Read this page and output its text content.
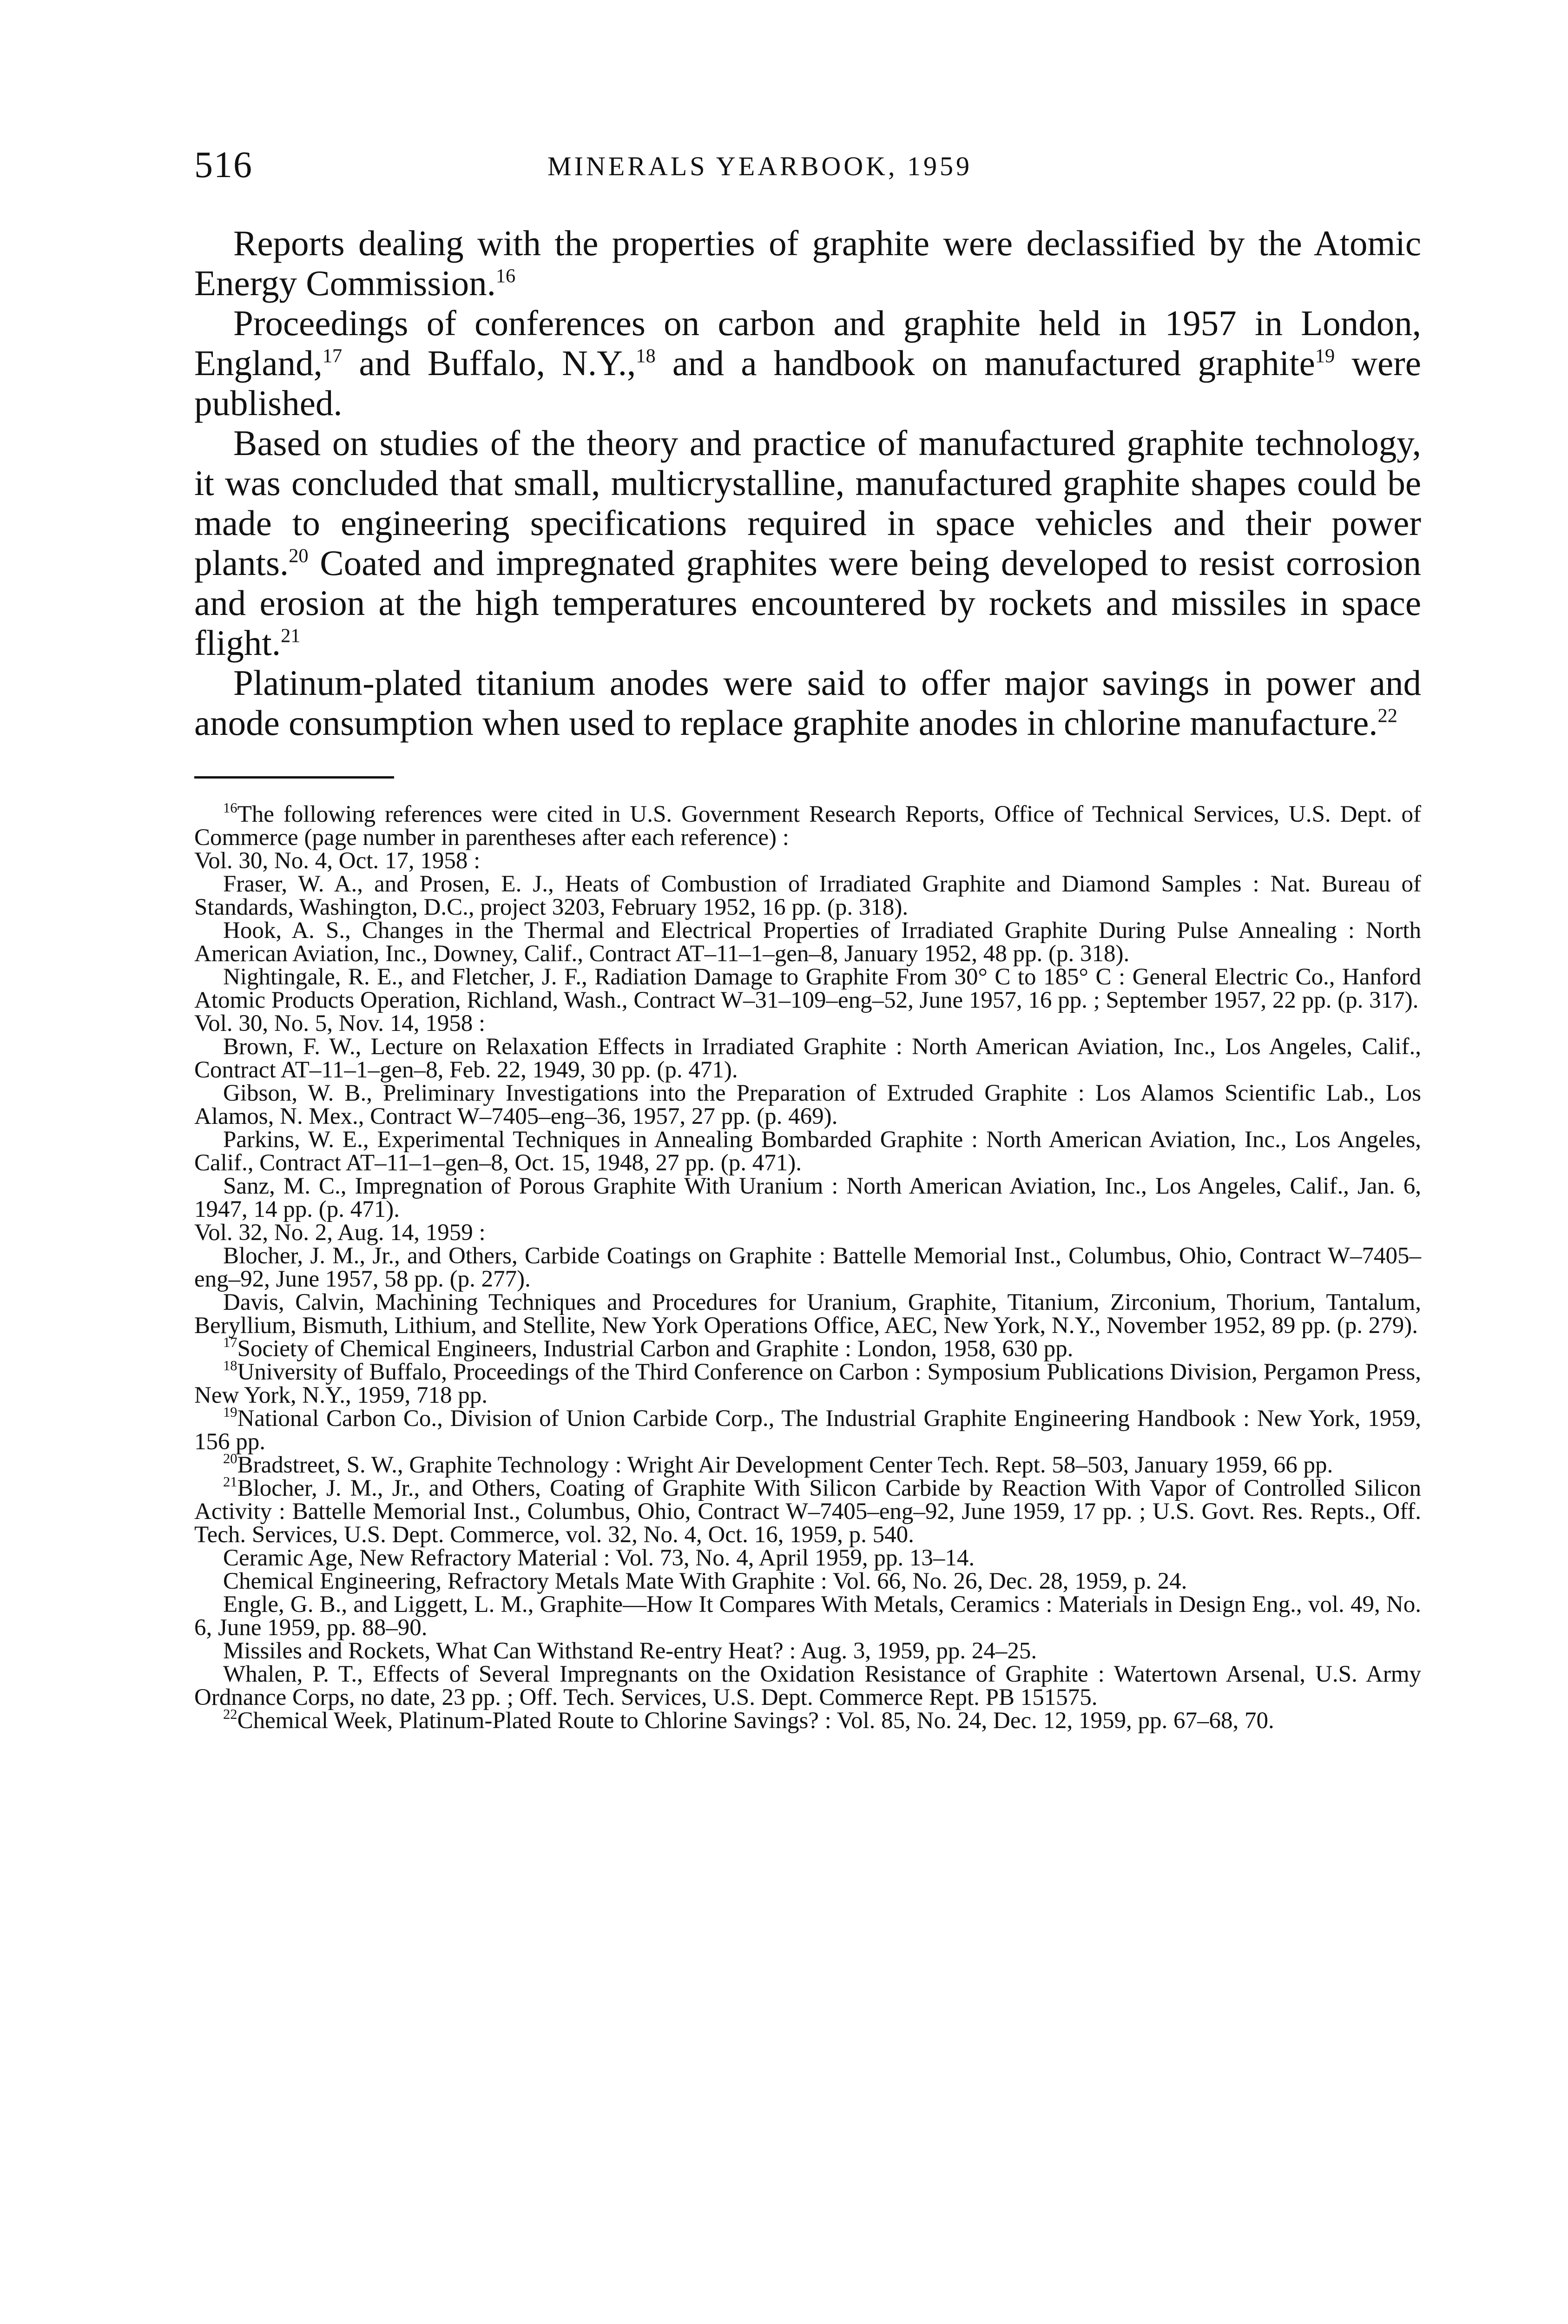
516	MINERALS YEARBOOK, 1959

Reports dealing with the properties of graphite were declassified by the Atomic Energy Commission.$^{16}$

Proceedings of conferences on carbon and graphite held in 1957 in London, England,$^{17}$ and Buffalo, N.Y.,$^{18}$ and a handbook on manufactured graphite$^{19}$ were published.

Based on studies of the theory and practice of manufactured graphite technology, it was concluded that small, multicrystalline, manufactured graphite shapes could be made to engineering specifications required in space vehicles and their power plants.$^{20}$ Coated and impregnated graphites were being developed to resist corrosion and erosion at the high temperatures encountered by rockets and missiles in space flight.$^{21}$

Platinum-plated titanium anodes were said to offer major savings in power and anode consumption when used to replace graphite anodes in chlorine manufacture.$^{22}$

$^{16}$The following references were cited in U.S. Government Research Reports, Office of Technical Services, U.S. Dept. of Commerce (page number in parentheses after each reference) :

Vol. 30, No. 4, Oct. 17, 1958 :

Fraser, W. A., and Prosen, E. J., Heats of Combustion of Irradiated Graphite and Diamond Samples : Nat. Bureau of Standards, Washington, D.C., project 3203, February 1952, 16 pp. (p. 318).

Hook, A. S., Changes in the Thermal and Electrical Properties of Irradiated Graphite During Pulse Annealing : North American Aviation, Inc., Downey, Calif., Contract AT–11–1–gen–8, January 1952, 48 pp. (p. 318).

Nightingale, R. E., and Fletcher, J. F., Radiation Damage to Graphite From 30° C to 185° C : General Electric Co., Hanford Atomic Products Operation, Richland, Wash., Contract W–31–109–eng–52, June 1957, 16 pp. ; September 1957, 22 pp. (p. 317).

Vol. 30, No. 5, Nov. 14, 1958 :

Brown, F. W., Lecture on Relaxation Effects in Irradiated Graphite : North American Aviation, Inc., Los Angeles, Calif., Contract AT–11–1–gen–8, Feb. 22, 1949, 30 pp. (p. 471).

Gibson, W. B., Preliminary Investigations into the Preparation of Extruded Graphite : Los Alamos Scientific Lab., Los Alamos, N. Mex., Contract W–7405–eng–36, 1957, 27 pp. (p. 469).

Parkins, W. E., Experimental Techniques in Annealing Bombarded Graphite : North American Aviation, Inc., Los Angeles, Calif., Contract AT–11–1–gen–8, Oct. 15, 1948, 27 pp. (p. 471).

Sanz, M. C., Impregnation of Porous Graphite With Uranium : North American Aviation, Inc., Los Angeles, Calif., Jan. 6, 1947, 14 pp. (p. 471).

Vol. 32, No. 2, Aug. 14, 1959 :

Blocher, J. M., Jr., and Others, Carbide Coatings on Graphite : Battelle Memorial Inst., Columbus, Ohio, Contract W–7405–eng–92, June 1957, 58 pp. (p. 277).

Davis, Calvin, Machining Techniques and Procedures for Uranium, Graphite, Titanium, Zirconium, Thorium, Tantalum, Beryllium, Bismuth, Lithium, and Stellite, New York Operations Office, AEC, New York, N.Y., November 1952, 89 pp. (p. 279).

$^{17}$Society of Chemical Engineers, Industrial Carbon and Graphite : London, 1958, 630 pp.

$^{18}$University of Buffalo, Proceedings of the Third Conference on Carbon : Symposium Publications Division, Pergamon Press, New York, N.Y., 1959, 718 pp.

$^{19}$National Carbon Co., Division of Union Carbide Corp., The Industrial Graphite Engineering Handbook : New York, 1959, 156 pp.

$^{20}$Bradstreet, S. W., Graphite Technology : Wright Air Development Center Tech. Rept. 58–503, January 1959, 66 pp.

$^{21}$Blocher, J. M., Jr., and Others, Coating of Graphite With Silicon Carbide by Reaction With Vapor of Controlled Silicon Activity : Battelle Memorial Inst., Columbus, Ohio, Contract W–7405–eng–92, June 1959, 17 pp. ; U.S. Govt. Res. Repts., Off. Tech. Services, U.S. Dept. Commerce, vol. 32, No. 4, Oct. 16, 1959, p. 540.

Ceramic Age, New Refractory Material : Vol. 73, No. 4, April 1959, pp. 13–14.

Chemical Engineering, Refractory Metals Mate With Graphite : Vol. 66, No. 26, Dec. 28, 1959, p. 24.

Engle, G. B., and Liggett, L. M., Graphite—How It Compares With Metals, Ceramics : Materials in Design Eng., vol. 49, No. 6, June 1959, pp. 88–90.

Missiles and Rockets, What Can Withstand Re-entry Heat? : Aug. 3, 1959, pp. 24–25.

Whalen, P. T., Effects of Several Impregnants on the Oxidation Resistance of Graphite : Watertown Arsenal, U.S. Army Ordnance Corps, no date, 23 pp. ; Off. Tech. Services, U.S. Dept. Commerce Rept. PB 151575.

$^{22}$Chemical Week, Platinum-Plated Route to Chlorine Savings? : Vol. 85, No. 24, Dec. 12, 1959, pp. 67–68, 70.
